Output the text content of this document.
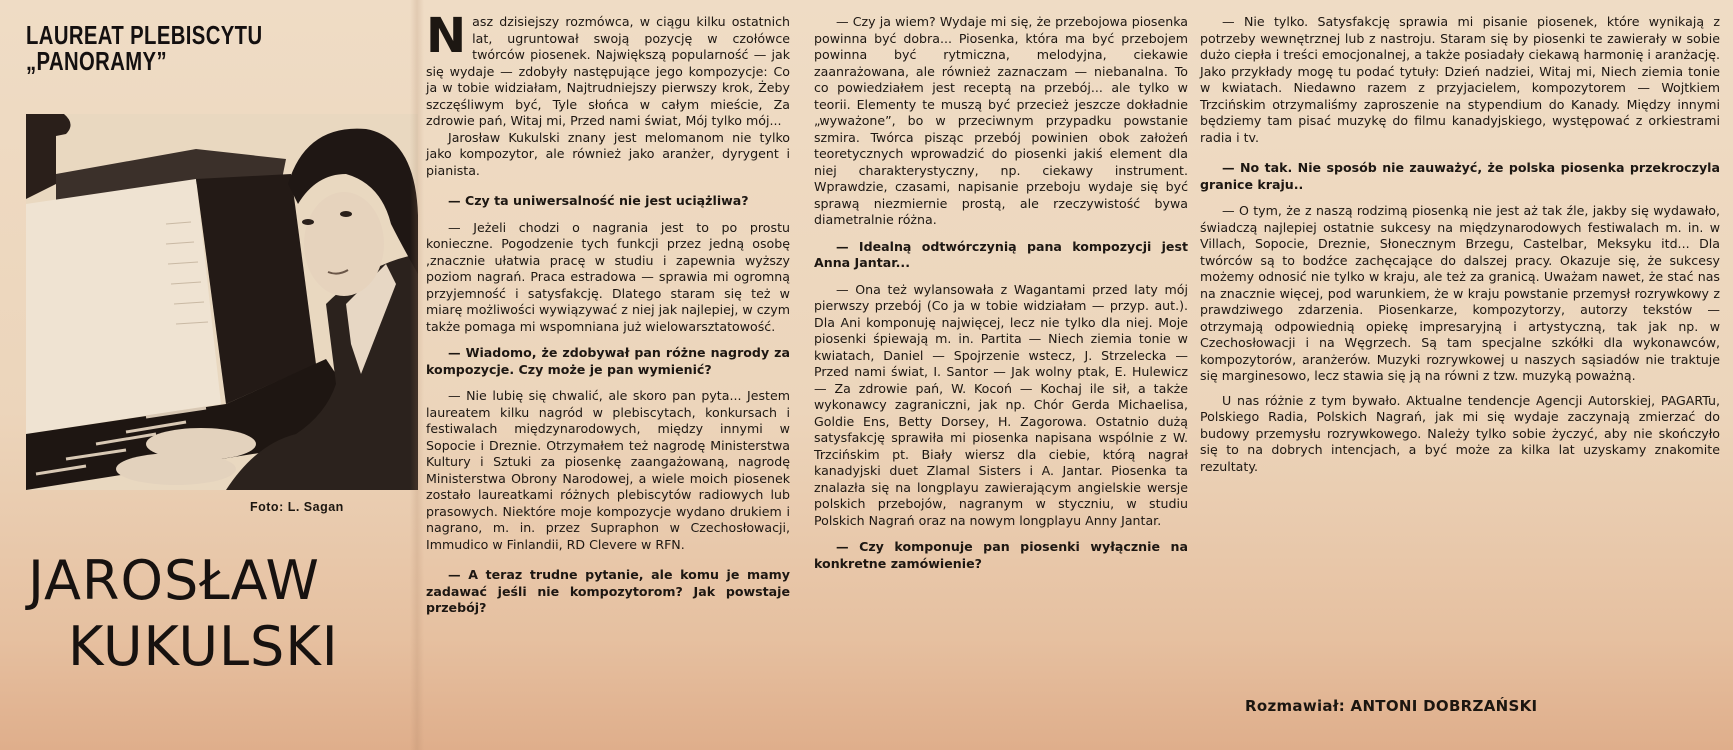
LAUREAT PLEBISCYTU
„PANORAMY”
Foto: L. Sagan
JAROSŁAW
KUKULSKI

Nasz dzisiejszy rozmówca, w ciągu kilku ostatnich lat, ugruntował swoją pozycję w czołówce twórców piosenek. Największą popularność — jak się wydaje — zdobyły następujące jego kompozycje: Co ja w tobie widziałam, Najtrudniejszy pierwszy krok, Żeby szczęśliwym być, Tyle słońca w całym mieście, Za zdrowie pań, Witaj mi, Przed nami świat, Mój tylko mój...

Jarosław Kukulski znany jest melomanom nie tylko jako kompozytor, ale również jako aranżer, dyrygent i pianista.

— Czy ta uniwersalność nie jest uciążliwa?

— Jeżeli chodzi o nagrania jest to po prostu konieczne. Pogodzenie tych funkcji przez jedną osobę ,znacznie ułatwia pracę w studiu i zapewnia wyższy poziom nagrań. Praca estradowa — sprawia mi ogromną przyjemność i satysfakcję. Dlatego staram się też w miarę możliwości wywiązywać z niej jak najlepiej, w czym także pomaga mi wspomniana już wielowarsztatowość.

— Wiadomo, że zdobywał pan różne nagrody za kompozycje. Czy może je pan wymienić?

— Nie lubię się chwalić, ale skoro pan pyta... Jestem laureatem kilku nagród w plebiscytach, konkursach i festiwalach międzynarodowych, między innymi w Sopocie i Dreznie. Otrzymałem też nagrodę Ministerstwa Kultury i Sztuki za piosenkę zaangażowaną, nagrodę Ministerstwa Obrony Narodowej, a wiele moich piosenek zostało laureatkami różnych plebiscytów radiowych lub prasowych. Niektóre moje kompozycje wydano drukiem i nagrano, m. in. przez Supraphon w Czechosłowacji, Immudico w Finlandii, RD Clevere w RFN.

— A teraz trudne pytanie, ale komu je mamy zadawać jeśli nie kompozytorom? Jak powstaje przebój?

— Czy ja wiem? Wydaje mi się, że przebojowa piosenka powinna być dobra... Piosenka, która ma być przebojem powinna być rytmiczna, melodyjna, ciekawie zaanrażowana, ale również zaznaczam — niebanalna. To co powiedziałem jest receptą na przebój... ale tylko w teorii. Elementy te muszą być przecież jeszcze dokładnie „wyważone”, bo w przeciwnym przypadku powstanie szmira. Twórca pisząc przebój powinien obok założeń teoretycznych wprowadzić do piosenki jakiś element dla niej charakterystyczny, np. ciekawy instrument. Wprawdzie, czasami, napisanie przeboju wydaje się być sprawą niezmiernie prostą, ale rzeczywistość bywa diametralnie różna.

— Idealną odtwórczynią pana kompozycji jest Anna Jantar...

— Ona też wylansowała z Wagantami przed laty mój pierwszy przebój (Co ja w tobie widziałam — przyp. aut.). Dla Ani komponuję najwięcej, lecz nie tylko dla niej. Moje piosenki śpiewają m. in. Partita — Niech ziemia tonie w kwiatach, Daniel — Spojrzenie wstecz, J. Strzelecka — Przed nami świat, I. Santor — Jak wolny ptak, E. Hulewicz — Za zdrowie pań, W. Kocoń — Kochaj ile sił, a także wykonawcy zagraniczni, jak np. Chór Gerda Michaelisa, Goldie Ens, Betty Dorsey, H. Zagorowa. Ostatnio dużą satysfakcję sprawiła mi piosenka napisana wspólnie z W. Trzcińskim pt. Biały wiersz dla ciebie, którą nagrał kanadyjski duet Zlamal Sisters i A. Jantar. Piosenka ta znalazła się na longplayu zawierającym angielskie wersje polskich przebojów, nagranym w styczniu, w studiu Polskich Nagrań oraz na nowym longplayu Anny Jantar.

— Czy komponuje pan piosenki wyłącznie na konkretne zamówienie?

— Nie tylko. Satysfakcję sprawia mi pisanie piosenek, które wynikają z potrzeby wewnętrznej lub z nastroju. Staram się by piosenki te zawierały w sobie dużo ciepła i treści emocjonalnej, a także posiadały ciekawą harmonię i aranżację. Jako przykłady mogę tu podać tytuły: Dzień nadziei, Witaj mi, Niech ziemia tonie w kwiatach. Niedawno razem z przyjacielem, kompozytorem — Wojtkiem Trzcińskim otrzymaliśmy zaproszenie na stypendium do Kanady. Między innymi będziemy tam pisać muzykę do filmu kanadyjskiego, występować z orkiestrami radia i tv.

— No tak. Nie sposób nie zauważyć, że polska piosenka przekroczyla granice kraju..

— O tym, że z naszą rodzimą piosenką nie jest aż tak źle, jakby się wydawało, świadczą najlepiej ostatnie sukcesy na międzynarodowych festiwalach m. in. w Villach, Sopocie, Dreznie, Słonecznym Brzegu, Castelbar, Meksyku itd... Dla twórców są to bodźce zachęcające do dalszej pracy. Okazuje się, że sukcesy możemy odnosić nie tylko w kraju, ale też za granicą. Uważam nawet, że stać nas na znacznie więcej, pod warunkiem, że w kraju powstanie przemysł rozrywkowy z prawdziwego zdarzenia. Piosenkarze, kompozytorzy, autorzy tekstów — otrzymają odpowiednią opiekę impresaryjną i artystyczną, tak jak np. w Czechosłowacji i na Węgrzech. Są tam specjalne szkółki dla wykonawców, kompozytorów, aranżerów. Muzyki rozrywkowej u naszych sąsiadów nie traktuje się marginesowo, lecz stawia się ją na równi z tzw. muzyką poważną.

U nas różnie z tym bywało. Aktualne tendencje Agencji Autorskiej, PAGARTu, Polskiego Radia, Polskich Nagrań, jak mi się wydaje zaczynają zmierzać do budowy przemysłu rozrywkowego. Należy tylko sobie życzyć, aby nie skończyło się to na dobrych intencjach, a być może za kilka lat uzyskamy znakomite rezultaty.

Rozmawiał: ANTONI DOBRZAŃSKI
